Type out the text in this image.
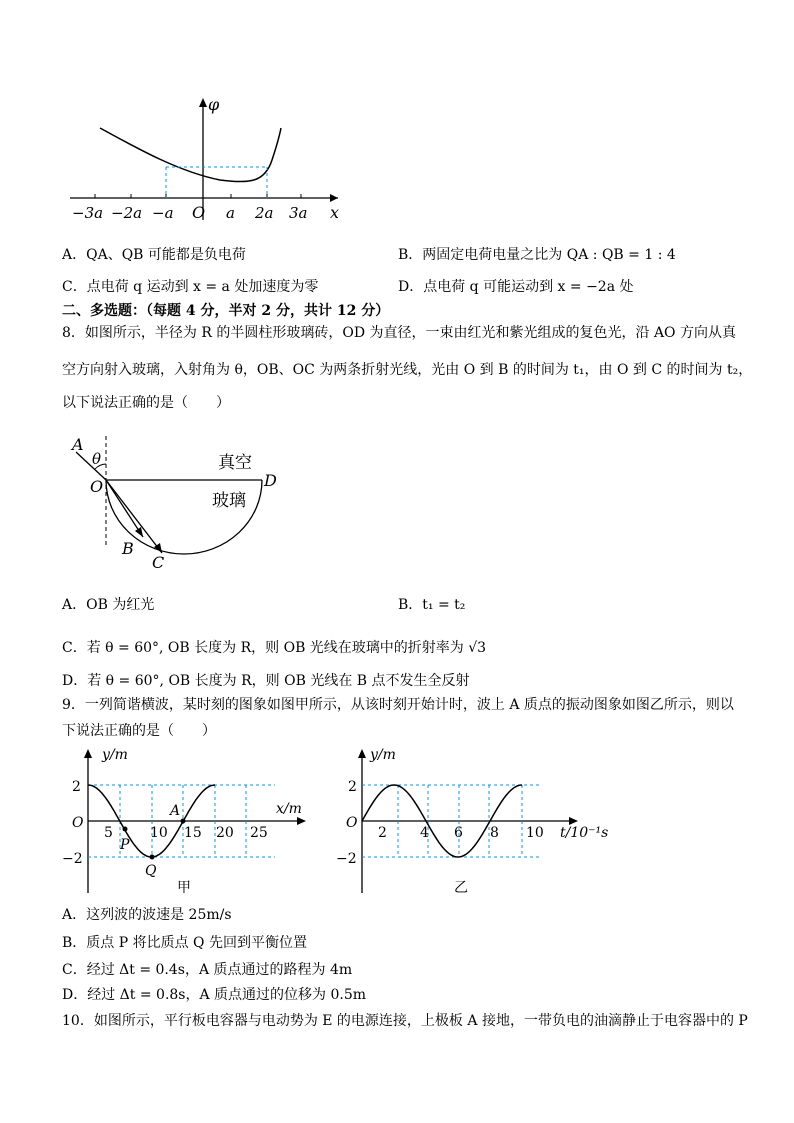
φ
x
O
−3a −2a −a	a 2a 3a
A．QA、QB 可能都是负电荷	B．两固定电荷电量之比为 QA : QB = 1 : 4
C．点电荷 q 运动到 x = a 处加速度为零	D．点电荷 q 可能运动到 x = −2a 处
二、多选题：（每题 4 分，半对 2 分，共计 12 分）
8．如图所示，半径为 R 的半圆柱形玻璃砖，OD 为直径，一束由红光和紫光组成的复色光，沿 AO 方向从真
空方向射入玻璃，入射角为 θ，OB、OC 为两条折射光线，光由 O 到 B 的时间为 t₁，由 O 到 C 的时间为 t₂，
以下说法正确的是（　　）
A
θ
O	D
B
C
真空
玻璃
A．OB 为红光	B．t₁ = t₂
C．若 θ = 60°, OB 长度为 R，则 OB 光线在玻璃中的折射率为 √3
D．若 θ = 60°, OB 长度为 R，则 OB 光线在 B 点不发生全反射
9．一列简谐横波，某时刻的图象如图甲所示，从该时刻开始计时，波上 A 质点的振动图象如图乙所示，则以
下说法正确的是（　　）
y/m
x/m
2
−2
O
5	10 15 20 25
A
P
Q
甲
y/m
t/10⁻¹s
2
−2
O
2 4 6 8 10
乙
A．这列波的波速是 25m/s
B．质点 P 将比质点 Q 先回到平衡位置
C．经过 Δt = 0.4s，A 质点通过的路程为 4m
D．经过 Δt = 0.8s，A 质点通过的位移为 0.5m
10．如图所示，平行板电容器与电动势为 E 的电源连接，上极板 A 接地，一带负电的油滴静止于电容器中的 P
